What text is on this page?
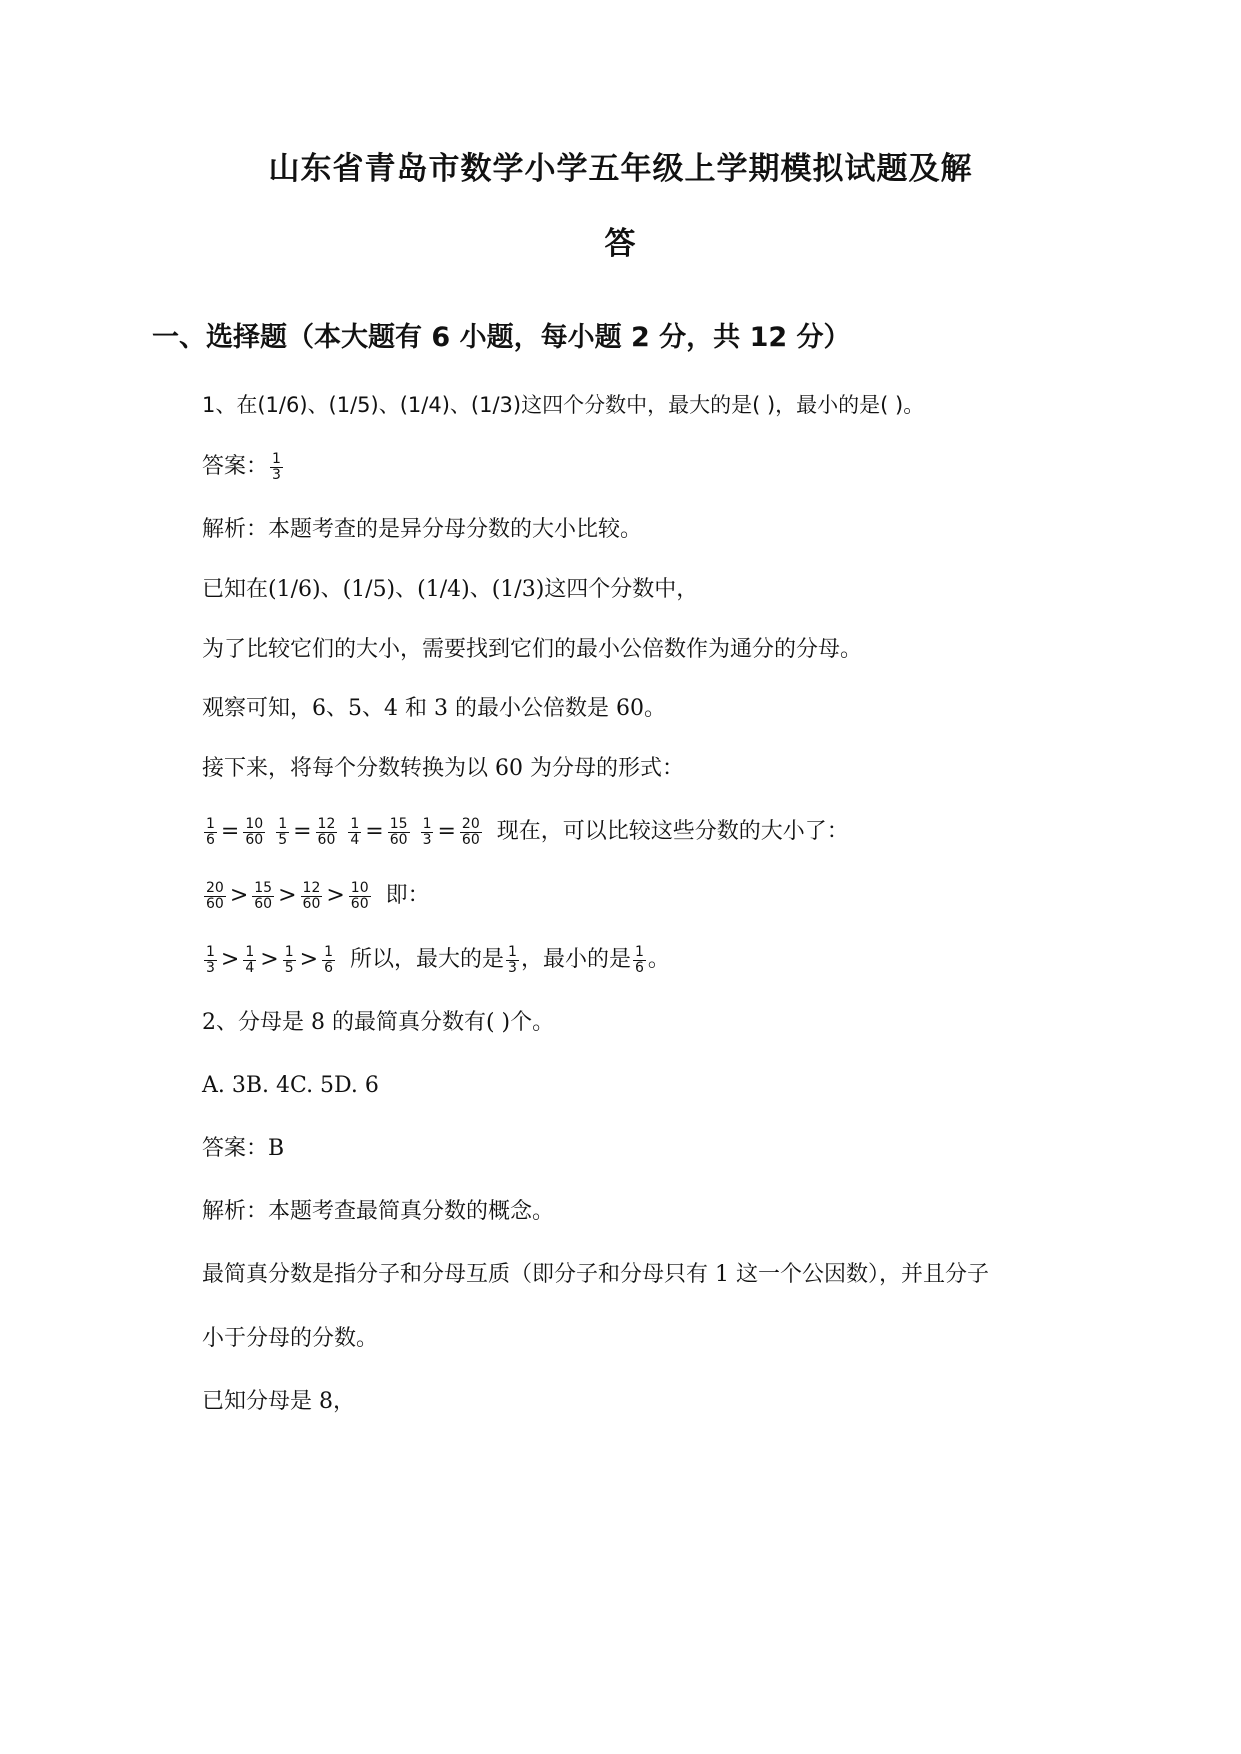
山东省青岛市数学小学五年级上学期模拟试题及解
答
一、选择题（本大题有 6 小题，每小题 2 分，共 12 分）
1、在(1/6)、(1/5)、(1/4)、(1/3)这四个分数中，最大的是( )，最小的是( )。
答案： $\frac{1}{3}$
解析：本题考查的是异分母分数的大小比较。
已知在(1/6)、(1/5)、(1/4)、(1/3)这四个分数中，
为了比较它们的大小，需要找到它们的最小公倍数作为通分的分母。
观察可知，6、5、4 和 3 的最小公倍数是 60。
接下来，将每个分数转换为以 60 为分母的形式：
$\frac{1}{6} = \frac{10}{60}$
$\frac{1}{5} = \frac{12}{60}$
$\frac{1}{4} = \frac{15}{60}$
$\frac{1}{3} = \frac{20}{60}$ 现在，可以比较这些分数的大小了：
$\frac{20}{60} > \frac{15}{60} > \frac{12}{60} > \frac{10}{60}$ 即：
$\frac{1}{3} > \frac{1}{4} > \frac{1}{5} > \frac{1}{6}$ 所以，最大的是 $\frac{1}{3}$ ，最小的是 $\frac{1}{6}$ 。
2、分母是 8 的最简真分数有( )个。
A. 3B. 4C. 5D. 6
答案：B
解析：本题考查最简真分数的概念。
最简真分数是指分子和分母互质（即分子和分母只有 1 这一个公因数），并且分子
小于分母的分数。
已知分母是 8，
